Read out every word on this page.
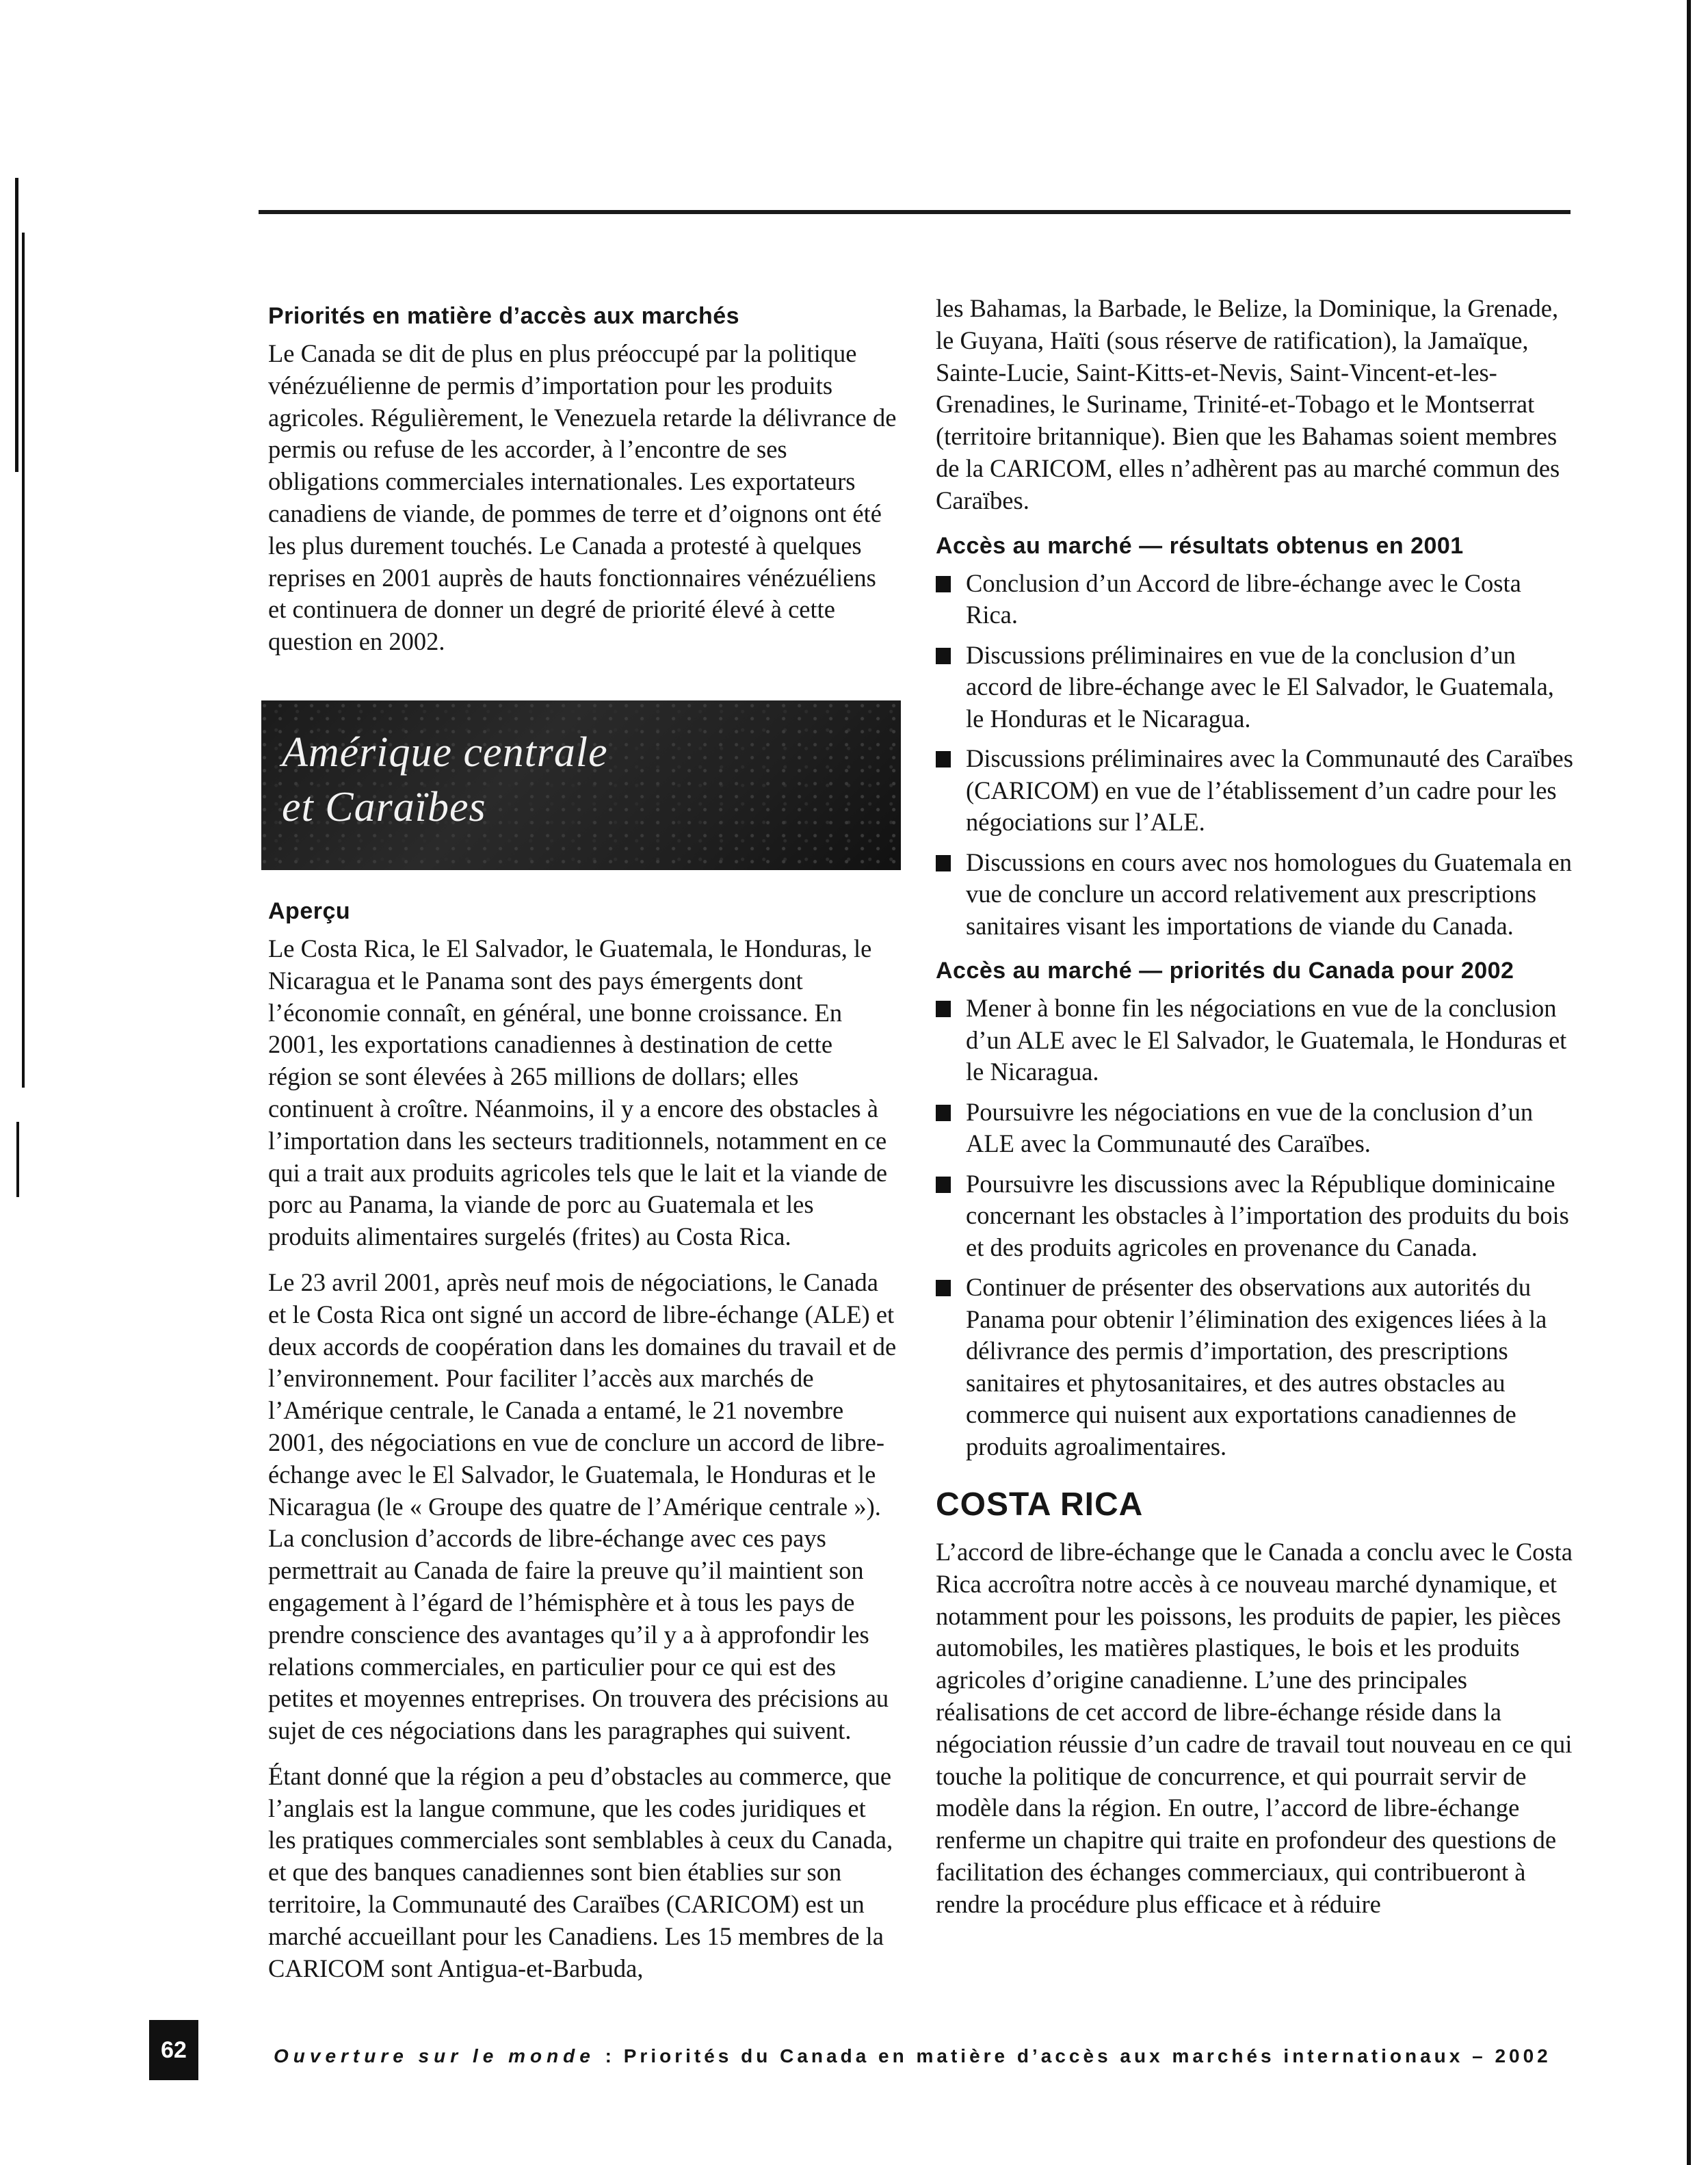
Priorités en matière d’accès aux marchés

Le Canada se dit de plus en plus préoccupé par la politique vénézuélienne de permis d’importation pour les produits agricoles. Régulièrement, le Venezuela retarde la délivrance de permis ou refuse de les accorder, à l’encontre de ses obligations commerciales internationales. Les exportateurs canadiens de viande, de pommes de terre et d’oignons ont été les plus durement touchés. Le Canada a protesté à quelques reprises en 2001 auprès de hauts fonctionnaires vénézuéliens et continuera de donner un degré de priorité élevé à cette question en 2002.

Amérique centrale
et Caraïbes
Aperçu

Le Costa Rica, le El Salvador, le Guatemala, le Honduras, le Nicaragua et le Panama sont des pays émergents dont l’économie connaît, en général, une bonne croissance. En 2001, les exportations canadiennes à destination de cette région se sont élevées à 265 millions de dollars; elles continuent à croître. Néanmoins, il y a encore des obstacles à l’importation dans les secteurs traditionnels, notamment en ce qui a trait aux produits agricoles tels que le lait et la viande de porc au Panama, la viande de porc au Guatemala et les produits alimentaires surgelés (frites) au Costa Rica.

Le 23 avril 2001, après neuf mois de négociations, le Canada et le Costa Rica ont signé un accord de libre-échange (ALE) et deux accords de coopération dans les domaines du travail et de l’environnement. Pour faciliter l’accès aux marchés de l’Amérique centrale, le Canada a entamé, le 21 novembre 2001, des négociations en vue de conclure un accord de libre-échange avec le El Salvador, le Guatemala, le Honduras et le Nicaragua (le « Groupe des quatre de l’Amérique centrale »). La conclusion d’accords de libre-échange avec ces pays permettrait au Canada de faire la preuve qu’il maintient son engagement à l’égard de l’hémisphère et à tous les pays de prendre conscience des avantages qu’il y a à approfondir les relations commerciales, en particulier pour ce qui est des petites et moyennes entreprises. On trouvera des précisions au sujet de ces négociations dans les paragraphes qui suivent.

Étant donné que la région a peu d’obstacles au commerce, que l’anglais est la langue commune, que les codes juridiques et les pratiques commerciales sont semblables à ceux du Canada, et que des banques canadiennes sont bien établies sur son territoire, la Communauté des Caraïbes (CARICOM) est un marché accueillant pour les Canadiens. Les 15 membres de la CARICOM sont Antigua-et-Barbuda,

les Bahamas, la Barbade, le Belize, la Dominique, la Grenade, le Guyana, Haïti (sous réserve de ratification), la Jamaïque, Sainte-Lucie, Saint-Kitts-et-Nevis, Saint-Vincent-et-les-Grenadines, le Suriname, Trinité-et-Tobago et le Montserrat (territoire britannique). Bien que les Bahamas soient membres de la CARICOM, elles n’adhèrent pas au marché commun des Caraïbes.

Accès au marché — résultats obtenus en 2001
Conclusion d’un Accord de libre-échange avec le Costa Rica.
Discussions préliminaires en vue de la conclusion d’un accord de libre-échange avec le El Salvador, le Guatemala, le Honduras et le Nicaragua.
Discussions préliminaires avec la Communauté des Caraïbes (CARICOM) en vue de l’établissement d’un cadre pour les négociations sur l’ALE.
Discussions en cours avec nos homologues du Guatemala en vue de conclure un accord relativement aux prescriptions sanitaires visant les importations de viande du Canada.
Accès au marché — priorités du Canada pour 2002
Mener à bonne fin les négociations en vue de la conclusion d’un ALE avec le El Salvador, le Guatemala, le Honduras et le Nicaragua.
Poursuivre les négociations en vue de la conclusion d’un ALE avec la Communauté des Caraïbes.
Poursuivre les discussions avec la République dominicaine concernant les obstacles à l’importation des produits du bois et des produits agricoles en provenance du Canada.
Continuer de présenter des observations aux autorités du Panama pour obtenir l’élimination des exigences liées à la délivrance des permis d’importation, des prescriptions sanitaires et phytosanitaires, et des autres obstacles au commerce qui nuisent aux exportations canadiennes de produits agroalimentaires.
COSTA RICA

L’accord de libre-échange que le Canada a conclu avec le Costa Rica accroîtra notre accès à ce nouveau marché dynamique, et notamment pour les poissons, les produits de papier, les pièces automobiles, les matières plastiques, le bois et les produits agricoles d’origine canadienne. L’une des principales réalisations de cet accord de libre-échange réside dans la négociation réussie d’un cadre de travail tout nouveau en ce qui touche la politique de concurrence, et qui pourrait servir de modèle dans la région. En outre, l’accord de libre-échange renferme un chapitre qui traite en profondeur des questions de facilitation des échanges commerciaux, qui contribueront à rendre la procédure plus efficace et à réduire

62	Ouverture sur le monde : Priorités du Canada en matière d’accès aux marchés internationaux – 2002
